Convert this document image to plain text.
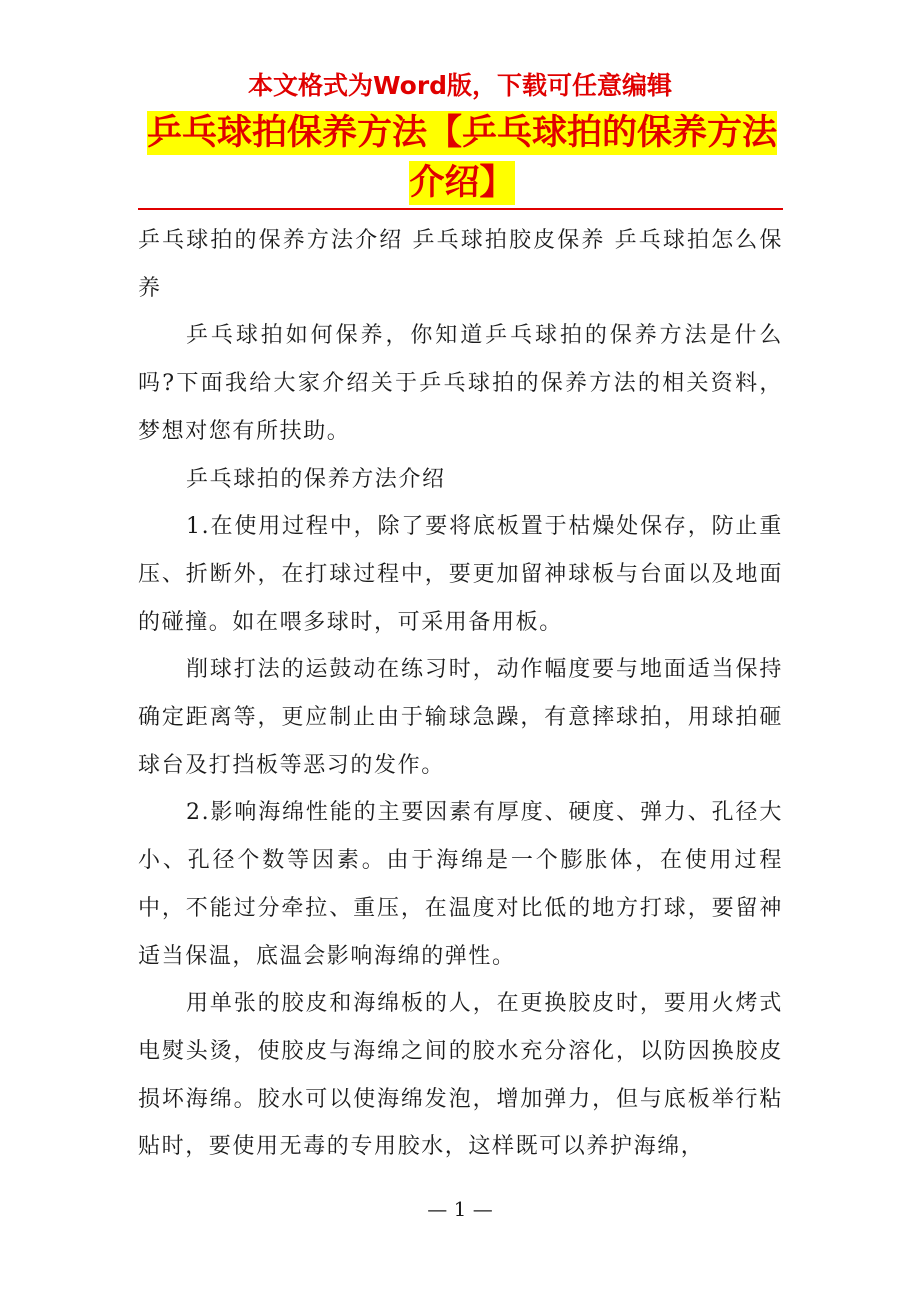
本文格式为Word版，下载可任意编辑
乒乓球拍保养方法【乒乓球拍的保养方法介绍】

乒乓球拍的保养方法介绍 乒乓球拍胶皮保养 乒乓球拍怎么保养

乒乓球拍如何保养，你知道乒乓球拍的保养方法是什么吗?下面我给大家介绍关于乒乓球拍的保养方法的相关资料，梦想对您有所扶助。

乒乓球拍的保养方法介绍

1.在使用过程中，除了要将底板置于枯燥处保存，防止重压、折断外，在打球过程中，要更加留神球板与台面以及地面的碰撞。如在喂多球时，可采用备用板。

削球打法的运鼓动在练习时，动作幅度要与地面适当保持确定距离等，更应制止由于输球急躁，有意摔球拍，用球拍砸球台及打挡板等恶习的发作。

2.影响海绵性能的主要因素有厚度、硬度、弹力、孔径大小、孔径个数等因素。由于海绵是一个膨胀体，在使用过程中，不能过分牵拉、重压，在温度对比低的地方打球，要留神适当保温，底温会影响海绵的弹性。

用单张的胶皮和海绵板的人，在更换胶皮时，要用火烤式电熨头烫，使胶皮与海绵之间的胶水充分溶化，以防因换胶皮损坏海绵。胶水可以使海绵发泡，增加弹力，但与底板举行粘贴时，要使用无毒的专用胶水，这样既可以养护海绵，

— 1 —
